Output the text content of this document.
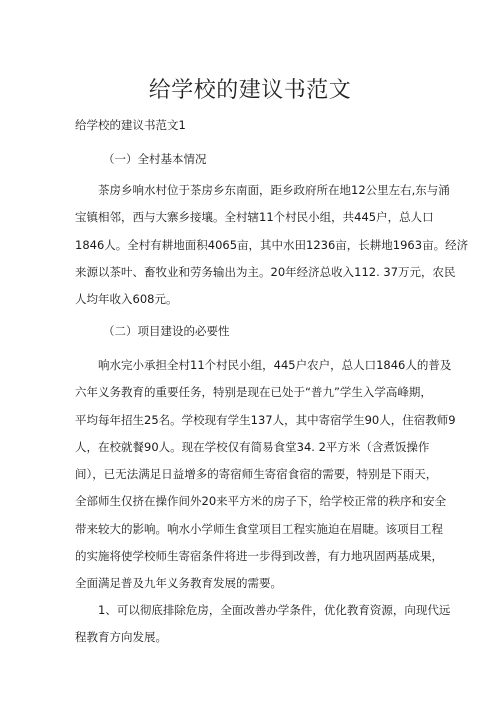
给学校的建议书范文

给学校的建议书范文1

（一）全村基本情况

茶房乡响水村位于茶房乡东南面，距乡政府所在地12公里左右,东与涌
宝镇相邻，西与大寨乡接壤。全村辖11个村民小组，共445户，总人口
1846人。全村有耕地面积4065亩，其中水田1236亩，长耕地1963亩。经济
来源以茶叶、畜牧业和劳务输出为主。20年经济总收入112. 37万元，农民
人均年收入608元。

（二）项目建设的必要性

响水完小承担全村11个村民小组，445户农户，总人口1846人的普及
六年义务教育的重要任务，特别是现在已处于“普九”学生入学高峰期，
平均每年招生25名。学校现有学生137人，其中寄宿学生90人，住宿教师9
人，在校就餐90人。现在学校仅有简易食堂34. 2平方米（含煮饭操作
间），已无法满足日益增多的寄宿师生寄宿食宿的需要，特别是下雨天，
全部师生仅挤在操作间外20来平方米的房子下，给学校正常的秩序和安全
带来较大的影响。响水小学师生食堂项目工程实施迫在眉睫。该项目工程
的实施将使学校师生寄宿条件将进一步得到改善，有力地巩固两基成果，
全面满足普及九年义务教育发展的需要。
1、可以彻底排除危房，全面改善办学条件，优化教育资源，向现代远
程教育方向发展。
